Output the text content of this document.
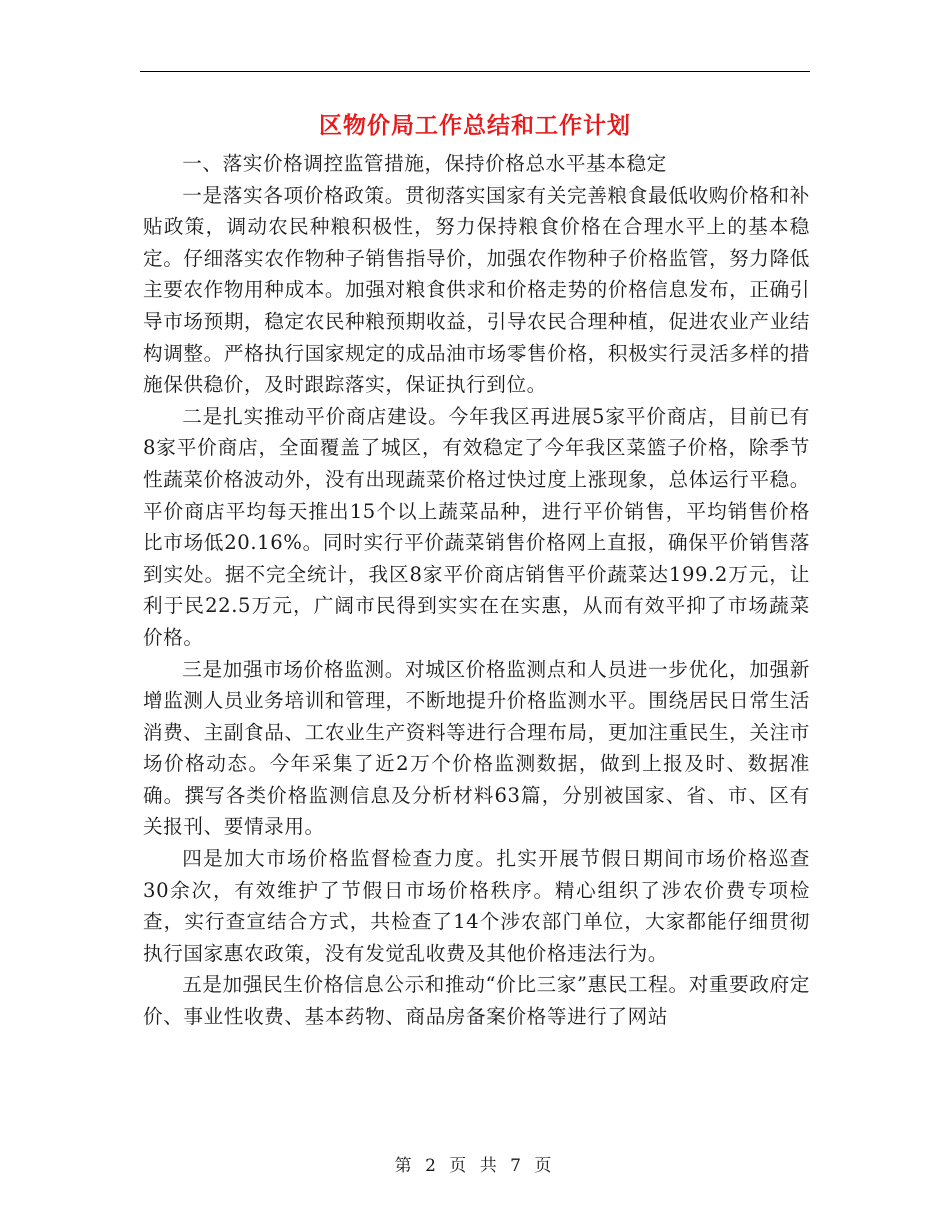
区物价局工作总结和工作计划

一、落实价格调控监管措施，保持价格总水平基本稳定

一是落实各项价格政策。贯彻落实国家有关完善粮食最低收购价格和补贴政策，调动农民种粮积极性，努力保持粮食价格在合理水平上的基本稳定。仔细落实农作物种子销售指导价，加强农作物种子价格监管，努力降低主要农作物用种成本。加强对粮食供求和价格走势的价格信息发布，正确引导市场预期，稳定农民种粮预期收益，引导农民合理种植，促进农业产业结构调整。严格执行国家规定的成品油市场零售价格，积极实行灵活多样的措施保供稳价，及时跟踪落实，保证执行到位。

二是扎实推动平价商店建设。今年我区再进展5家平价商店，目前已有8家平价商店，全面覆盖了城区，有效稳定了今年我区菜篮子价格，除季节性蔬菜价格波动外，没有出现蔬菜价格过快过度上涨现象，总体运行平稳。平价商店平均每天推出15个以上蔬菜品种，进行平价销售，平均销售价格比市场低20.16%。同时实行平价蔬菜销售价格网上直报，确保平价销售落到实处。据不完全统计，我区8家平价商店销售平价蔬菜达199.2万元，让利于民22.5万元，广阔市民得到实实在在实惠，从而有效平抑了市场蔬菜价格。

三是加强市场价格监测。对城区价格监测点和人员进一步优化，加强新增监测人员业务培训和管理，不断地提升价格监测水平。围绕居民日常生活消费、主副食品、工农业生产资料等进行合理布局，更加注重民生，关注市场价格动态。今年采集了近2万个价格监测数据，做到上报及时、数据准确。撰写各类价格监测信息及分析材料63篇，分别被国家、省、市、区有关报刊、要情录用。

四是加大市场价格监督检查力度。扎实开展节假日期间市场价格巡查30余次，有效维护了节假日市场价格秩序。精心组织了涉农价费专项检查，实行查宣结合方式，共检查了14个涉农部门单位，大家都能仔细贯彻执行国家惠农政策，没有发觉乱收费及其他价格违法行为。

五是加强民生价格信息公示和推动“价比三家”惠民工程。对重要政府定价、事业性收费、基本药物、商品房备案价格等进行了网站

第 2 页 共 7 页
